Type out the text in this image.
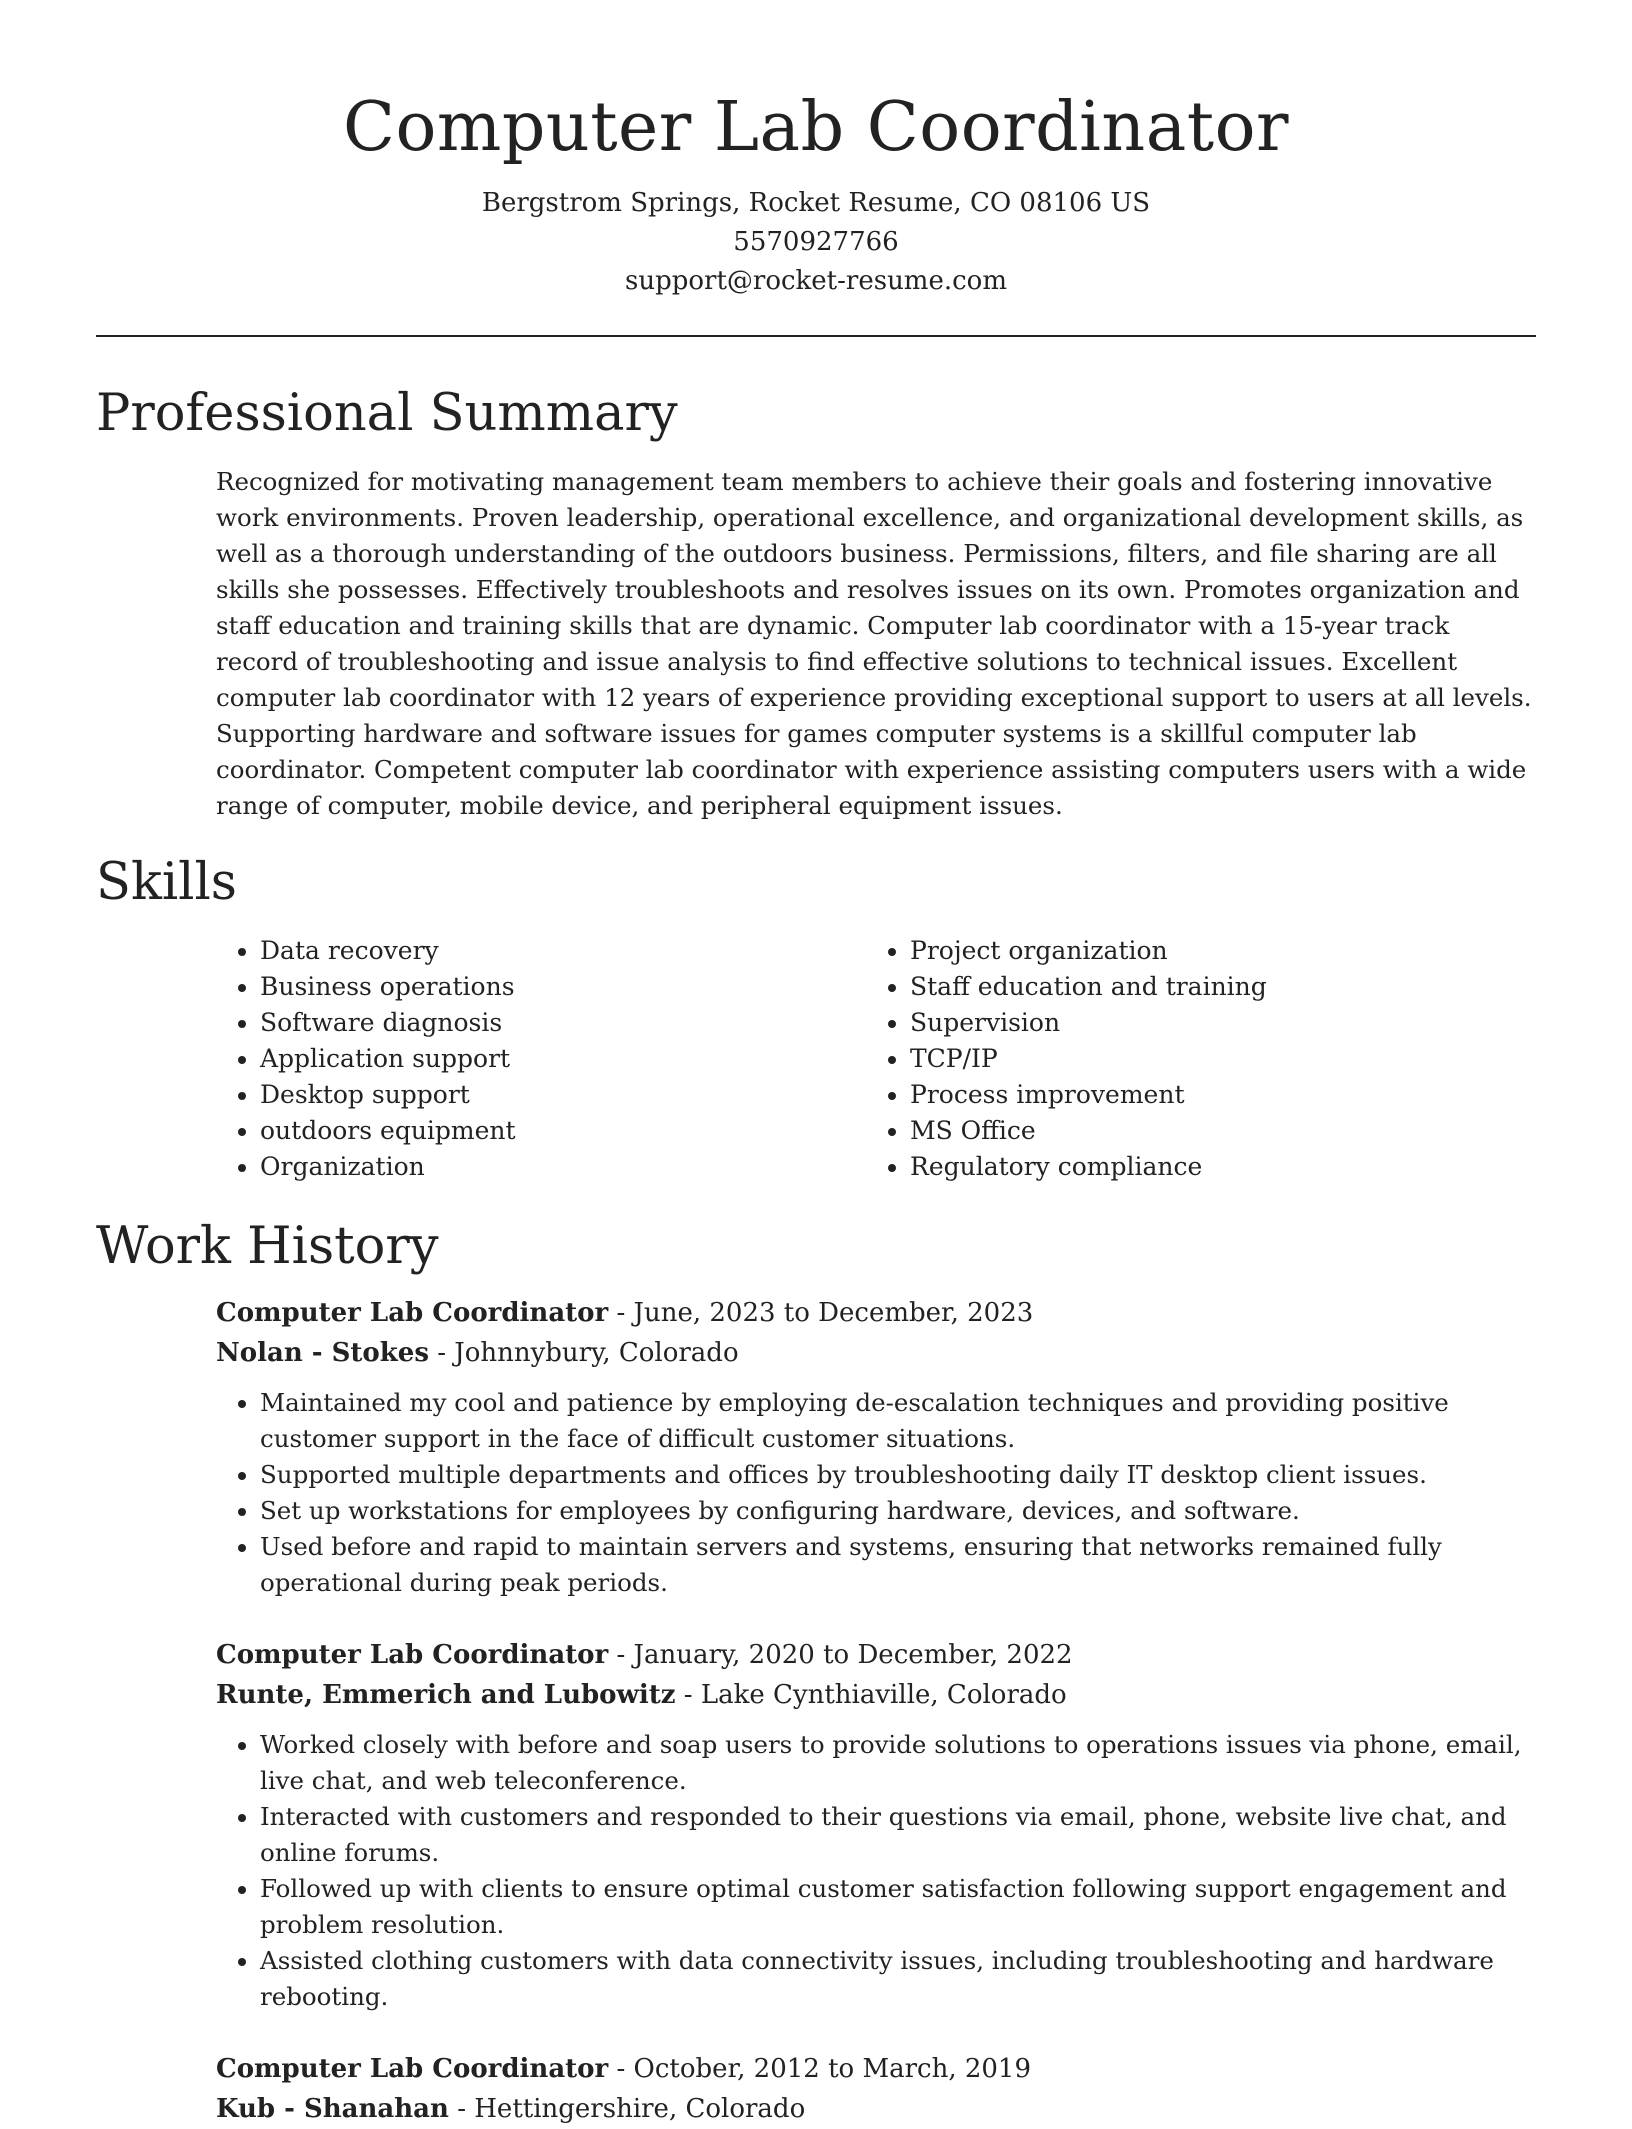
Computer Lab Coordinator
Bergstrom Springs, Rocket Resume, CO 08106 US
5570927766
support@rocket-resume.com
Professional Summary

Recognized for motivating management team members to achieve their goals and fostering innovative work environments. Proven leadership, operational excellence, and organizational development skills, as well as a thorough understanding of the outdoors business. Permissions, filters, and file sharing are all skills she possesses. Effectively troubleshoots and resolves issues on its own. Promotes organization and staff education and training skills that are dynamic. Computer lab coordinator with a 15-year track record of troubleshooting and issue analysis to find effective solutions to technical issues. Excellent computer lab coordinator with 12 years of experience providing exceptional support to users at all levels. Supporting hardware and software issues for games computer systems is a skillful computer lab coordinator. Competent computer lab coordinator with experience assisting computers users with a wide range of computer, mobile device, and peripheral equipment issues.

Skills
• Data recovery
• Business operations
• Software diagnosis
• Application support
• Desktop support
• outdoors equipment
• Organization
• Project organization
• Staff education and training
• Supervision
• TCP/IP
• Process improvement
• MS Office
• Regulatory compliance
Work History
Computer Lab Coordinator - June, 2023 to December, 2023
Nolan - Stokes - Johnnybury, Colorado
• Maintained my cool and patience by employing de-escalation techniques and providing positive customer support in the face of difficult customer situations.
• Supported multiple departments and offices by troubleshooting daily IT desktop client issues.
• Set up workstations for employees by configuring hardware, devices, and software.
• Used before and rapid to maintain servers and systems, ensuring that networks remained fully operational during peak periods.
Computer Lab Coordinator - January, 2020 to December, 2022
Runte, Emmerich and Lubowitz - Lake Cynthiaville, Colorado
• Worked closely with before and soap users to provide solutions to operations issues via phone, email, live chat, and web teleconference.
• Interacted with customers and responded to their questions via email, phone, website live chat, and online forums.
• Followed up with clients to ensure optimal customer satisfaction following support engagement and problem resolution.
• Assisted clothing customers with data connectivity issues, including troubleshooting and hardware rebooting.
Computer Lab Coordinator - October, 2012 to March, 2019
Kub - Shanahan - Hettingershire, Colorado
